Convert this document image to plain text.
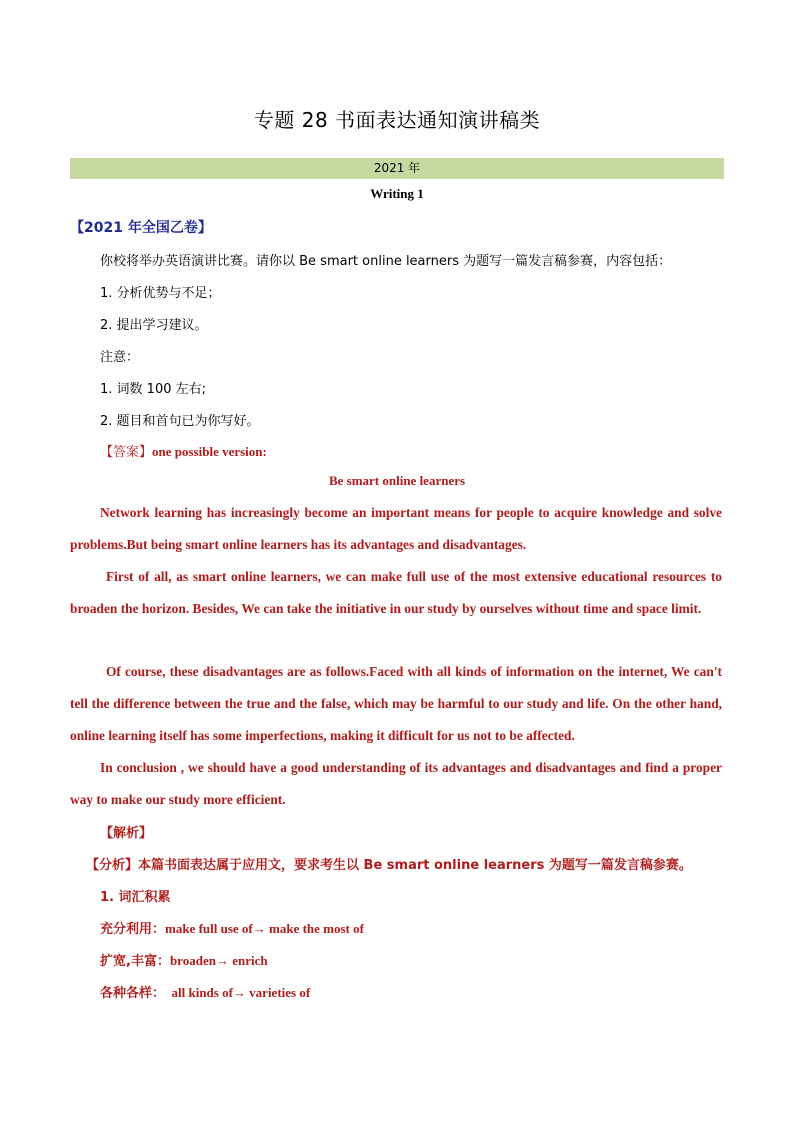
专题 28 书面表达通知演讲稿类
2021 年
Writing 1
【2021 年全国乙卷】
你校将举办英语演讲比赛。请你以 Be smart online learners 为题写一篇发言稿参赛，内容包括：
1. 分析优势与不足；
2. 提出学习建议。
注意：
1. 词数 100 左右;
2. 题目和首句已为你写好。
【答案】one possible version:
Be smart online learners

Network learning has increasingly become an important means for people to acquire knowledge and solve problems.But being smart online learners has its advantages and disadvantages.

First of all, as smart online learners, we can make full use of the most extensive educational resources to broaden the horizon. Besides, We can take the initiative in our study by ourselves without time and space limit.

Of course, these disadvantages are as follows.Faced with all kinds of information on the internet, We can't tell the difference between the true and the false, which may be harmful to our study and life. On the other hand, online learning itself has some imperfections, making it difficult for us not to be affected.

In conclusion , we should have a good understanding of its advantages and disadvantages and find a proper way to make our study more efficient.

【解析】
【分析】本篇书面表达属于应用文，要求考生以 Be smart online learners 为题写一篇发言稿参赛。
1. 词汇积累
充分利用：make full use of→ make the most of
扩宽,丰富：broaden→ enrich
各种各样：  all kinds of→ varieties of
